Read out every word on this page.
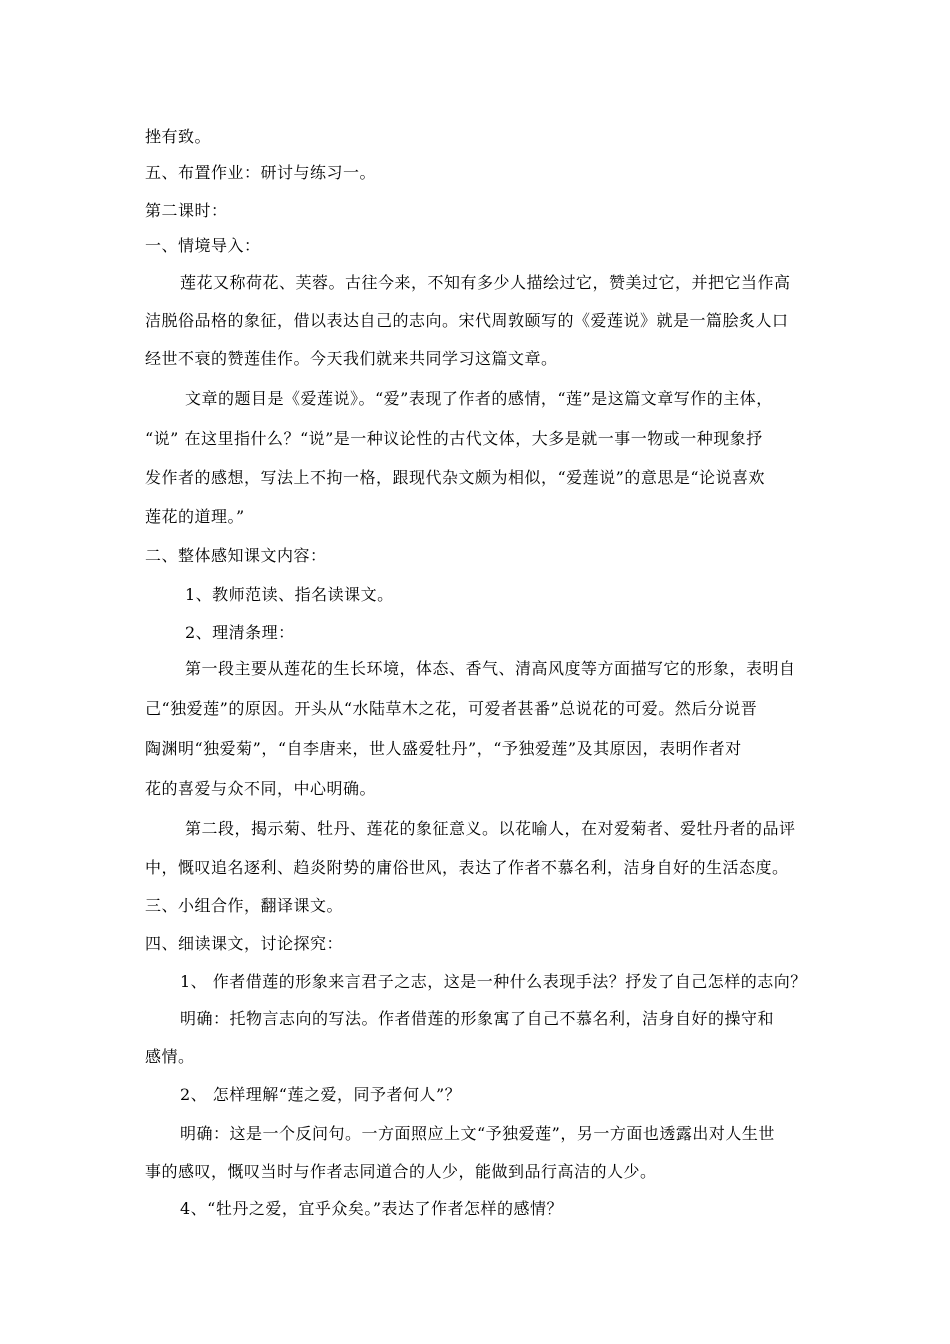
挫有致。

五、布置作业：研讨与练习一。

第二课时：

一、情境导入：

莲花又称荷花、芙蓉。古往今来，不知有多少人描绘过它，赞美过它，并把它当作高

洁脱俗品格的象征，借以表达自己的志向。宋代周敦颐写的《爱莲说》就是一篇脍炙人口

经世不衰的赞莲佳作。今天我们就来共同学习这篇文章。

文章的题目是《爱莲说》。“爱”表现了作者的感情，“莲”是这篇文章写作的主体，

“说” 在这里指什么？“说”是一种议论性的古代文体，大多是就一事一物或一种现象抒

发作者的感想，写法上不拘一格，跟现代杂文颇为相似，“爱莲说”的意思是“论说喜欢

莲花的道理。”

二、整体感知课文内容：

1、教师范读、指名读课文。

2、理清条理：

第一段主要从莲花的生长环境，体态、香气、清高风度等方面描写它的形象，表明自

己“独爱莲”的原因。开头从“水陆草木之花，可爱者甚番”总说花的可爱。然后分说晋

陶渊明“独爱菊”，“自李唐来，世人盛爱牡丹”，“予独爱莲”及其原因，表明作者对

花的喜爱与众不同，中心明确。

第二段，揭示菊、牡丹、莲花的象征意义。以花喻人，在对爱菊者、爱牡丹者的品评

中，慨叹追名逐利、趋炎附势的庸俗世风，表达了作者不慕名利，洁身自好的生活态度。

三、小组合作，翻译课文。

四、细读课文，讨论探究：

1、 作者借莲的形象来言君子之志，这是一种什么表现手法？抒发了自己怎样的志向？

明确：托物言志向的写法。作者借莲的形象寓了自己不慕名利，洁身自好的操守和

感情。

2、 怎样理解“莲之爱，同予者何人”？

明确：这是一个反问句。一方面照应上文“予独爱莲”，另一方面也透露出对人生世

事的感叹，慨叹当时与作者志同道合的人少，能做到品行高洁的人少。

4、“牡丹之爱，宜乎众矣。”表达了作者怎样的感情？
